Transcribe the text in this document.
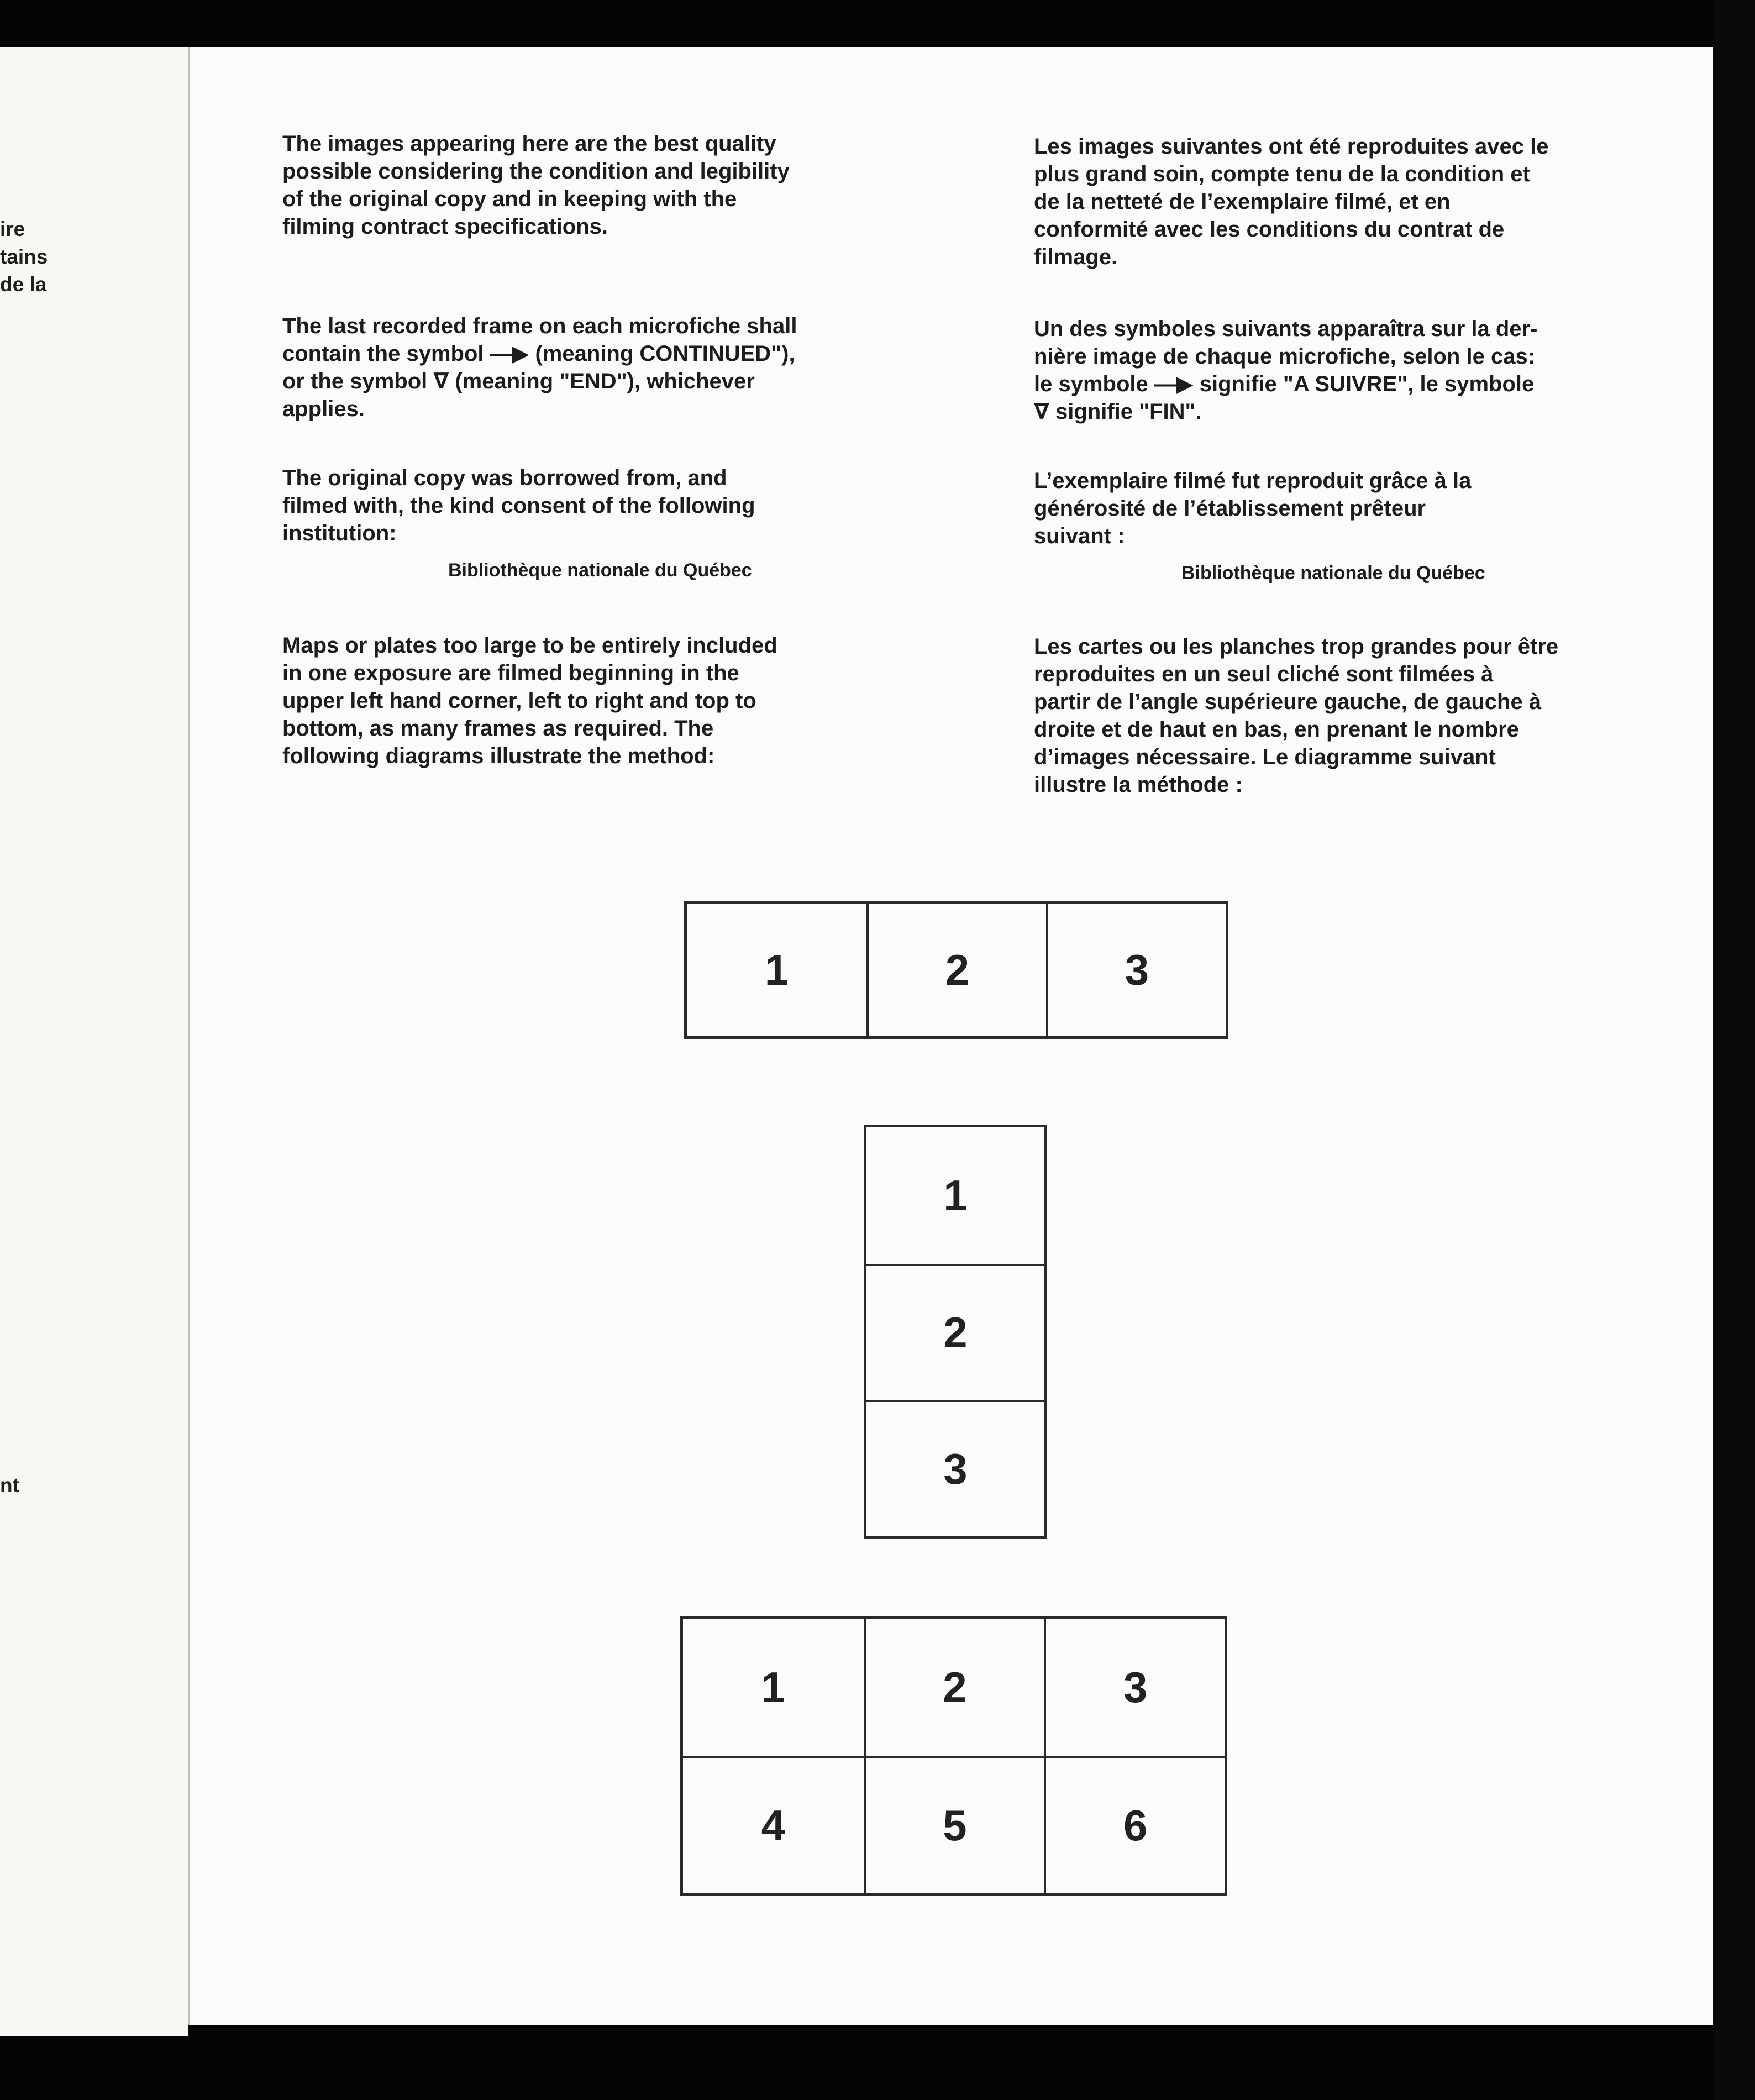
ire
tains
de la
nt
The images appearing here are the best quality
possible considering the condition and legibility
of the original copy and in keeping with the
filming contract specifications.
The last recorded frame on each microfiche shall
contain the symbol —▶ (meaning CONTINUED"),
or the symbol ∇ (meaning "END"), whichever
applies.
The original copy was borrowed from, and
filmed with, the kind consent of the following
institution:
Bibliothèque nationale du Québec
Maps or plates too large to be entirely included
in one exposure are filmed beginning in the
upper left hand corner, left to right and top to
bottom, as many frames as required. The
following diagrams illustrate the method:
Les images suivantes ont été reproduites avec le
plus grand soin, compte tenu de la condition et
de la netteté de l’exemplaire filmé, et en
conformité avec les conditions du contrat de
filmage.
Un des symboles suivants apparaîtra sur la der-
nière image de chaque microfiche, selon le cas:
le symbole —▶ signifie "A SUIVRE", le symbole
∇ signifie "FIN".
L’exemplaire filmé fut reproduit grâce à la
générosité de l’établissement prêteur
suivant :
Bibliothèque nationale du Québec
Les cartes ou les planches trop grandes pour être
reproduites en un seul cliché sont filmées à
partir de l’angle supérieure gauche, de gauche à
droite et de haut en bas, en prenant le nombre
d’images nécessaire. Le diagramme suivant
illustre la méthode :
1	2	3
1
2
3
1	2	3
4	5	6
